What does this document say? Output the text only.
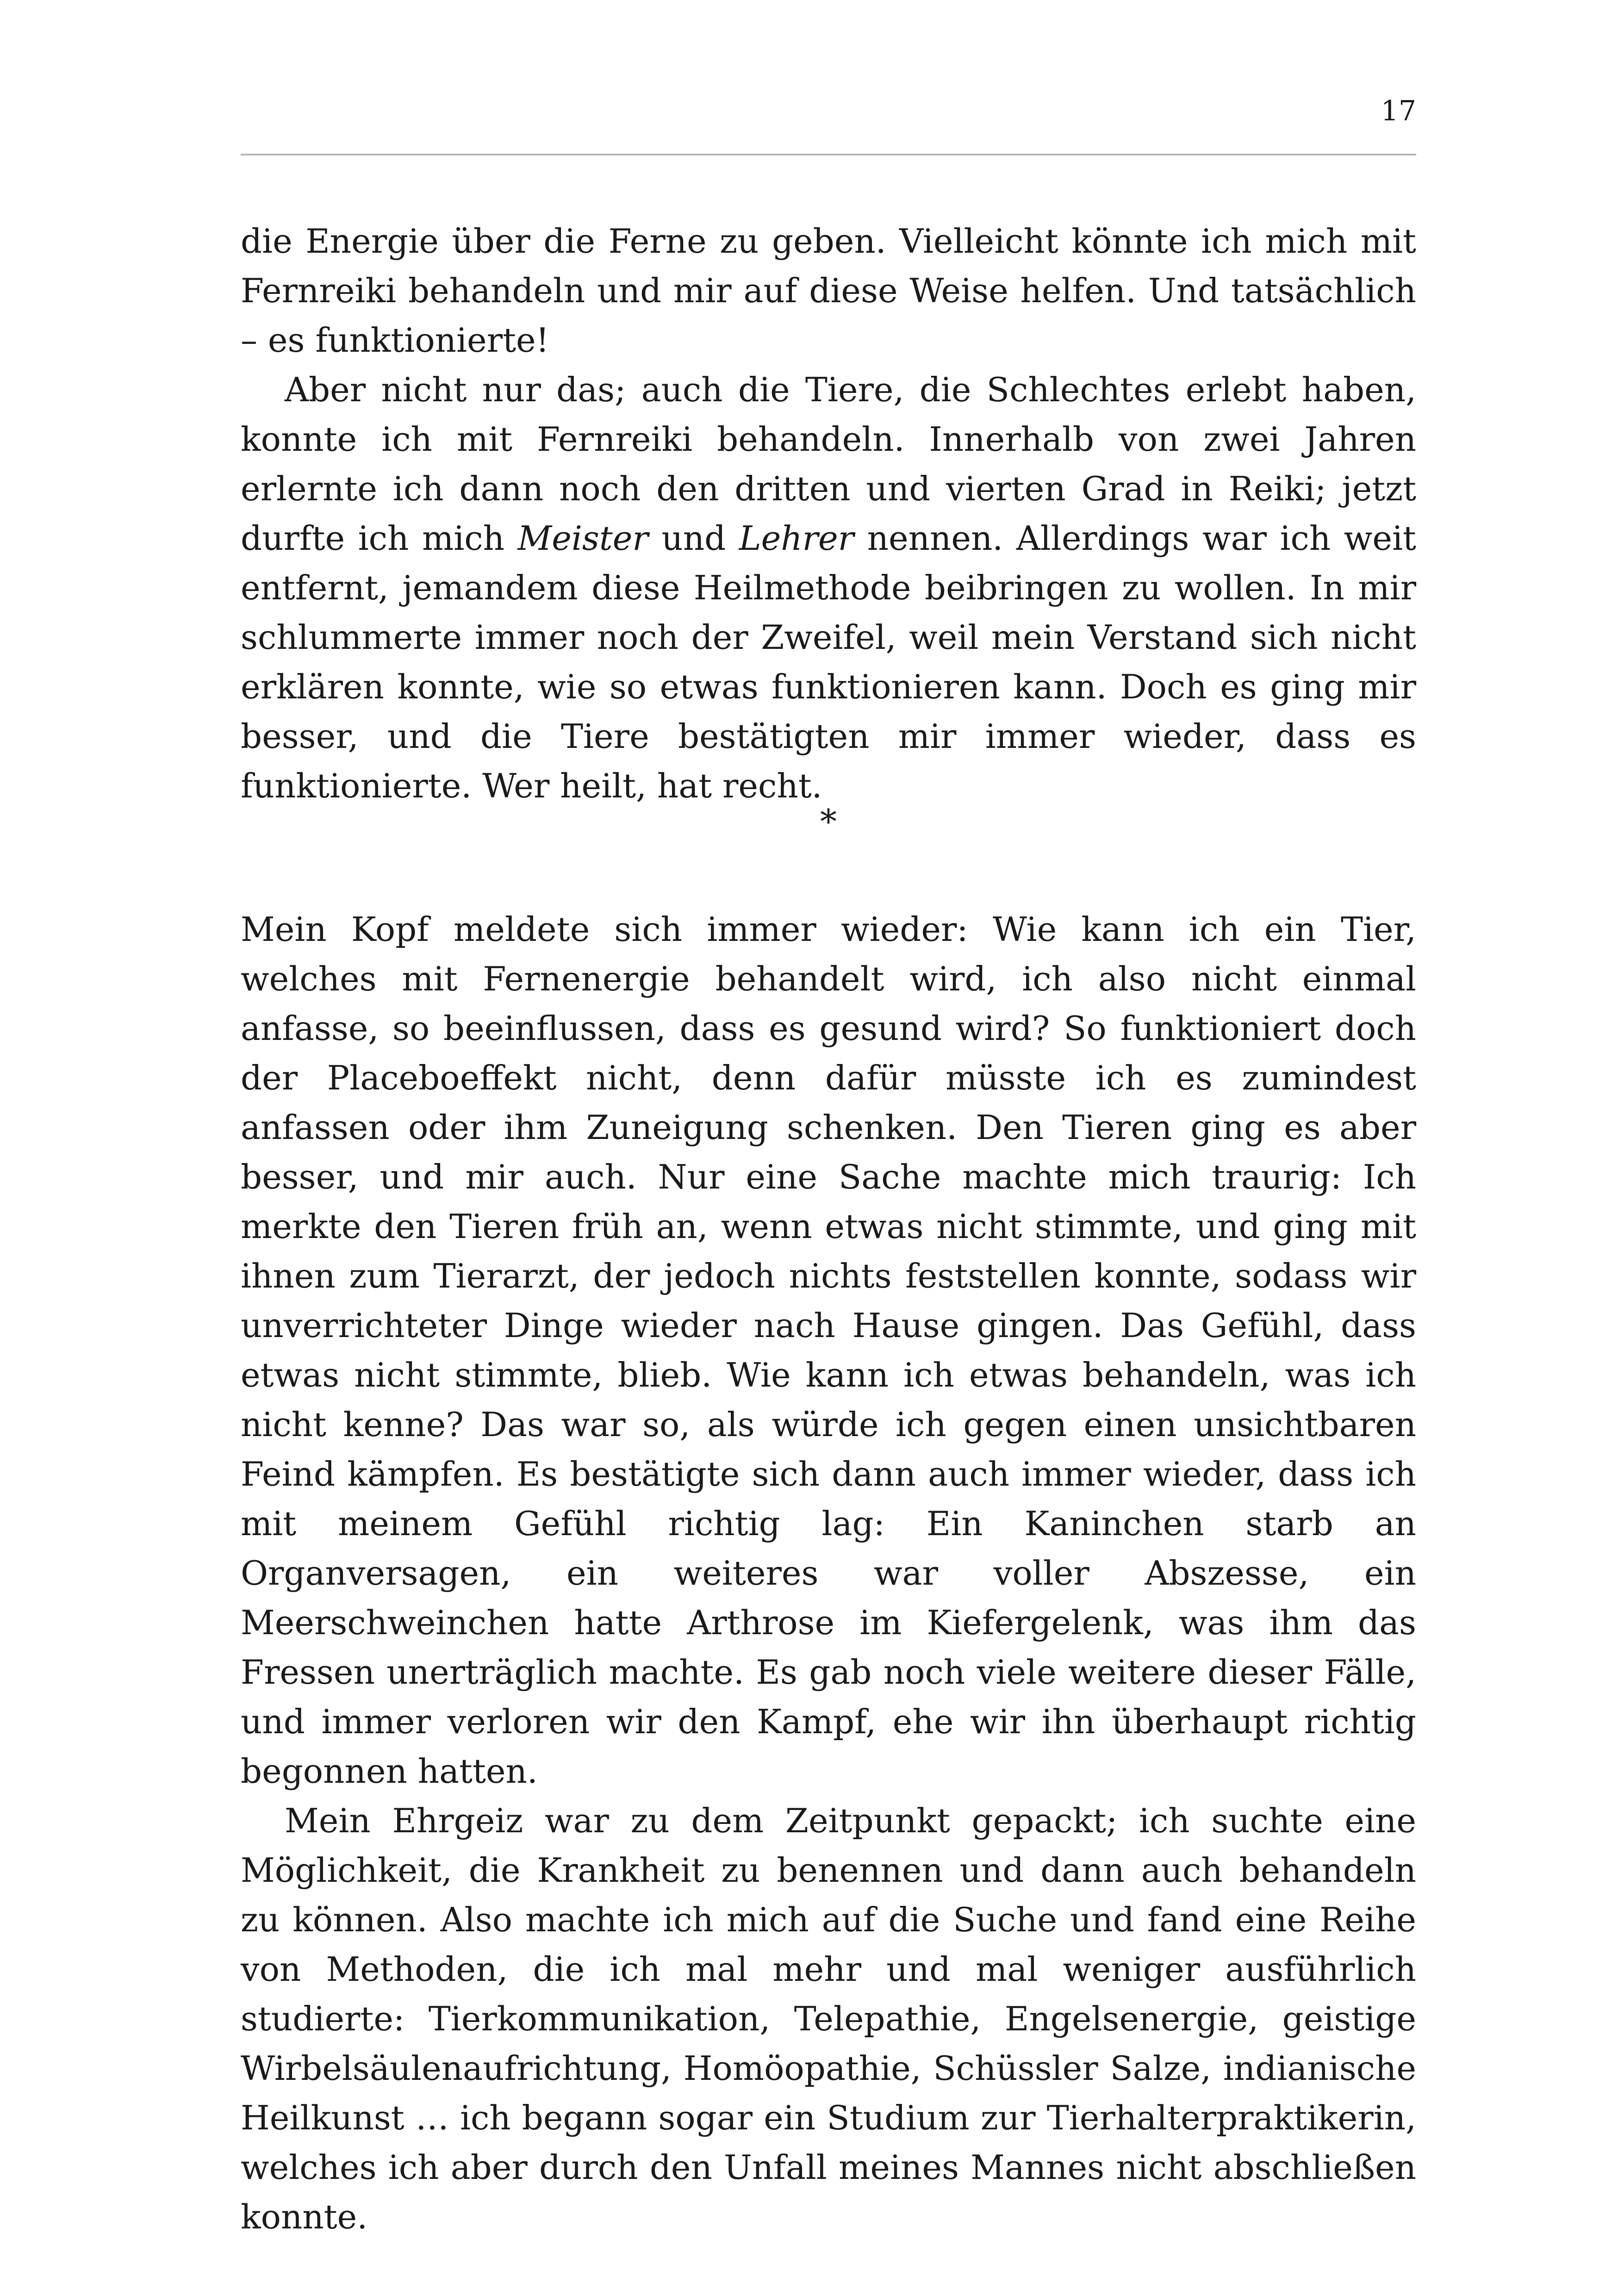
17

die Energie über die Ferne zu geben. Vielleicht könnte ich mich mit Fernreiki behandeln und mir auf diese Weise helfen. Und tatsächlich – es funktionierte!

Aber nicht nur das; auch die Tiere, die Schlechtes erlebt haben, konnte ich mit Fernreiki behandeln. Innerhalb von zwei Jahren erlernte ich dann noch den dritten und vierten Grad in Reiki; jetzt durfte ich mich Meister und Lehrer nennen. Allerdings war ich weit entfernt, jemandem diese Heilmethode beibringen zu wollen. In mir schlummerte immer noch der Zweifel, weil mein Verstand sich nicht erklären konnte, wie so etwas funktionieren kann. Doch es ging mir besser, und die Tiere bestätigten mir immer wieder, dass es funktionierte. Wer heilt, hat recht.

*

Mein Kopf meldete sich immer wieder: Wie kann ich ein Tier, welches mit Fernenergie behandelt wird, ich also nicht einmal anfasse, so beeinflussen, dass es gesund wird? So funktioniert doch der Placeboeffekt nicht, denn dafür müsste ich es zumindest anfassen oder ihm Zuneigung schenken. Den Tieren ging es aber besser, und mir auch. Nur eine Sache machte mich traurig: Ich merkte den Tieren früh an, wenn etwas nicht stimmte, und ging mit ihnen zum Tierarzt, der jedoch nichts feststellen konnte, sodass wir unverrichteter Dinge wieder nach Hause gingen. Das Gefühl, dass etwas nicht stimmte, blieb. Wie kann ich etwas behandeln, was ich nicht kenne? Das war so, als würde ich gegen einen unsichtbaren Feind kämpfen. Es bestätigte sich dann auch immer wieder, dass ich mit meinem Gefühl richtig lag: Ein Kaninchen starb an Organversagen, ein weiteres war voller Abszesse, ein Meerschweinchen hatte Arthrose im Kiefergelenk, was ihm das Fressen unerträglich machte. Es gab noch viele weitere dieser Fälle, und immer verloren wir den Kampf, ehe wir ihn überhaupt richtig begonnen hatten.

Mein Ehrgeiz war zu dem Zeitpunkt gepackt; ich suchte eine Möglichkeit, die Krankheit zu benennen und dann auch behandeln zu können. Also machte ich mich auf die Suche und fand eine Reihe von Methoden, die ich mal mehr und mal weniger ausführlich studierte: Tierkommunikation, Telepathie, Engelsenergie, geistige Wirbelsäulenaufrichtung, Homöopathie, Schüssler Salze, indianische Heilkunst … ich begann sogar ein Studium zur Tierhalterpraktikerin, welches ich aber durch den Unfall meines Mannes nicht abschließen konnte.
